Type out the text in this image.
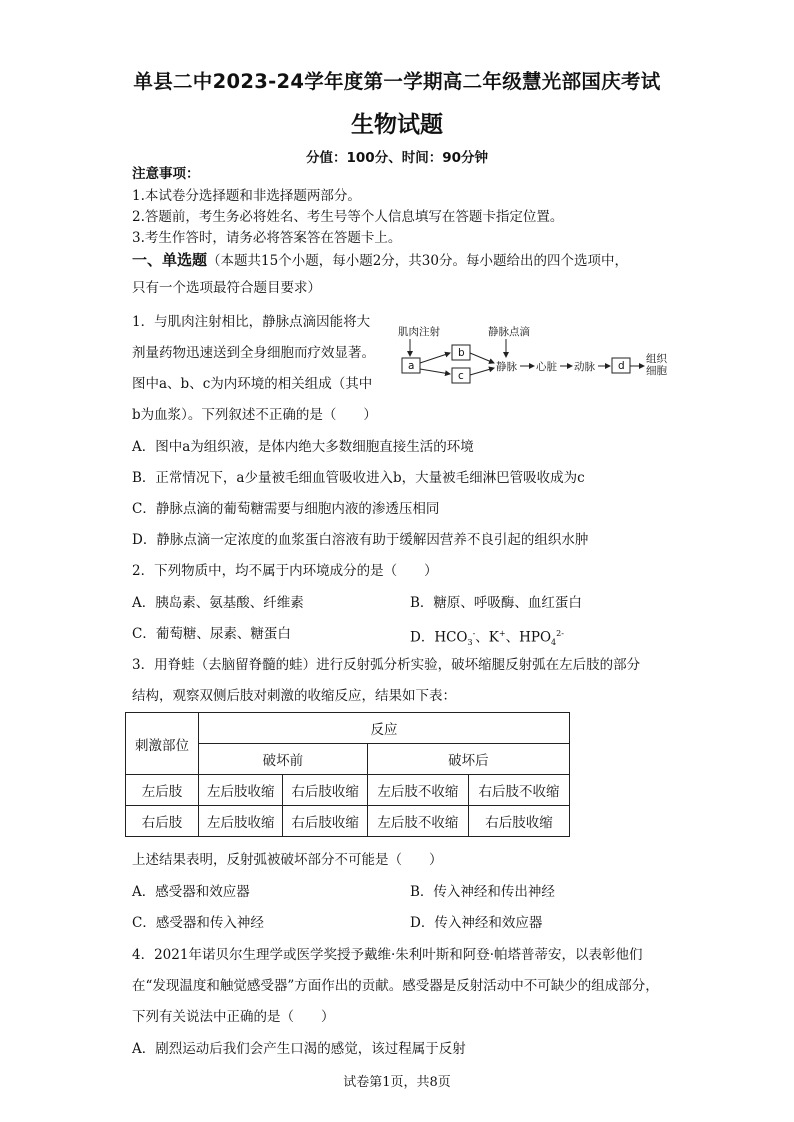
单县二中2023-24学年度第一学期高二年级慧光部国庆考试
生物试题
分值：100分、时间：90分钟
注意事项：
1.本试卷分选择题和非选择题两部分。
2.答题前，考生务必将姓名、考生号等个人信息填写在答题卡指定位置。
3.考生作答时，请务必将答案答在答题卡上。
一、单选题（本题共15个小题，每小题2分，共30分。每小题给出的四个选项中，
只有一个选项最符合题目要求）
1．与肌肉注射相比，静脉点滴因能将大
剂量药物迅速送到全身细胞而疗效显著。
图中a、b、c为内环境的相关组成（其中
b为血浆）。下列叙述不正确的是（　　）
肌肉注射	静脉点滴
a
b
c
静脉 心脏 动脉 d
组织
细胞
A．图中a为组织液，是体内绝大多数细胞直接生活的环境
B．正常情况下，a少量被毛细血管吸收进入b，大量被毛细淋巴管吸收成为c
C．静脉点滴的葡萄糖需要与细胞内液的渗透压相同
D．静脉点滴一定浓度的血浆蛋白溶液有助于缓解因营养不良引起的组织水肿
2．下列物质中，均不属于内环境成分的是（　　）
A．胰岛素、氨基酸、纤维素	B．糖原、呼吸酶、血红蛋白
C．葡萄糖、尿素、糖蛋白	D．$HCO_3^-$、K+、$HPO_4^{2-}$
3．用脊蛙（去脑留脊髓的蛙）进行反射弧分析实验，破坏缩腿反射弧在左后肢的部分
结构，观察双侧后肢对刺激的收缩反应，结果如下表：
刺激部位	反应			
	破坏前		破坏后	
左后肢	左后肢收缩	右后肢收缩	左后肢不收缩	右后肢不收缩
右后肢	左后肢收缩	右后肢收缩	左后肢不收缩	右后肢收缩
上述结果表明，反射弧被破坏部分不可能是（　　）
A．感受器和效应器	B．传入神经和传出神经
C．感受器和传入神经	D．传入神经和效应器
4．2021年诺贝尔生理学或医学奖授予戴维·朱利叶斯和阿登·帕塔普蒂安，以表彰他们
在“发现温度和触觉感受器”方面作出的贡献。感受器是反射活动中不可缺少的组成部分，
下列有关说法中正确的是（　　）
A．剧烈运动后我们会产生口渴的感觉，该过程属于反射
试卷第1页，共8页
